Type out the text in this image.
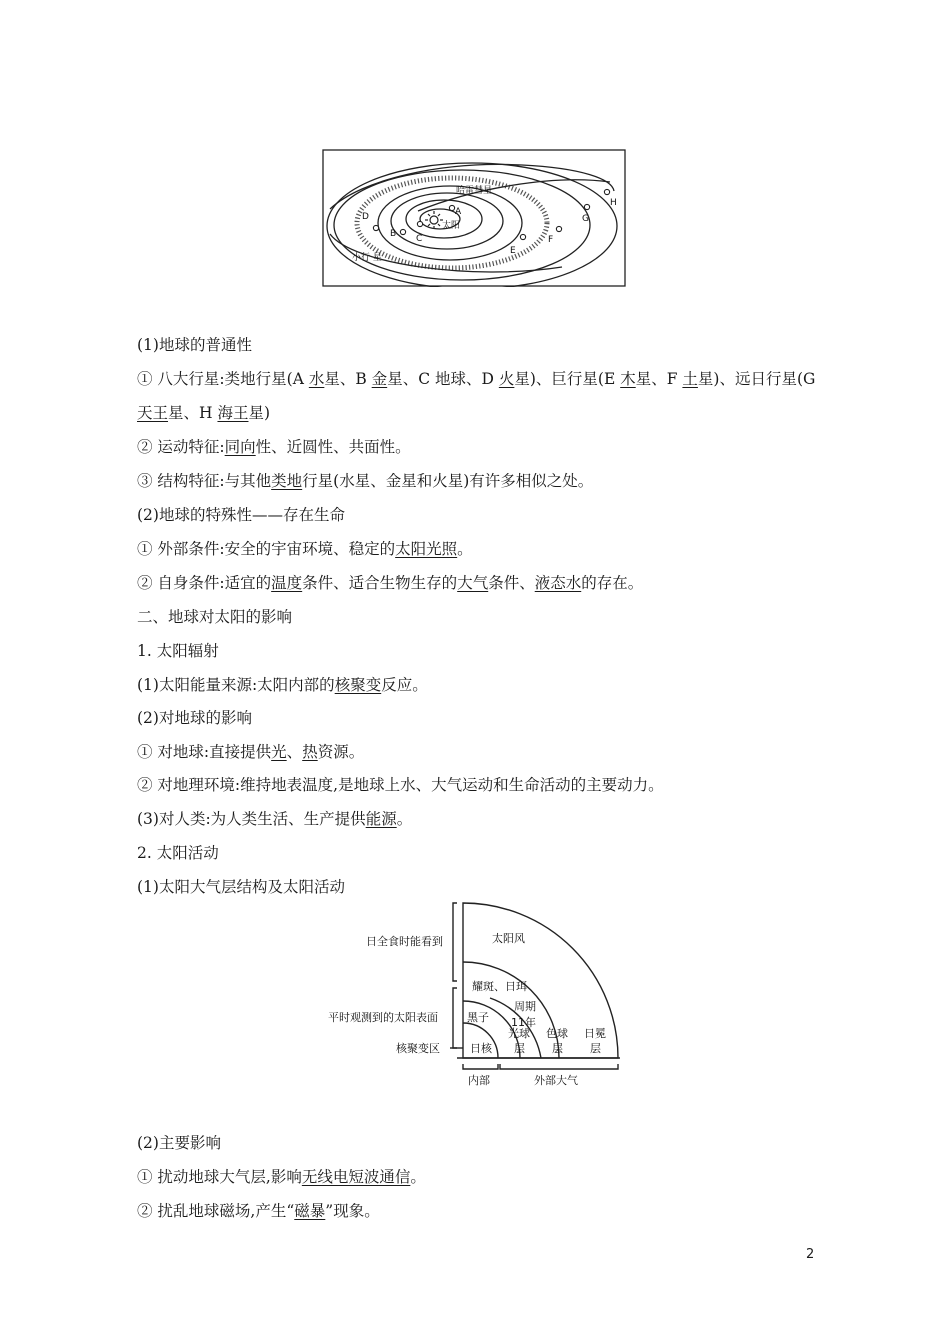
A
B C
D
E
F
G
H
太阳
哈雷彗星
小行 星
(1)地球的普通性
① 八大行星:类地行星(A 水星、B 金星、C 地球、D 火星)、巨行星(E 木星、F 土星)、远日行星(G
天王星、H 海王星)
② 运动特征:同向性、近圆性、共面性。
③ 结构特征:与其他类地行星(水星、金星和火星)有许多相似之处。
(2)地球的特殊性——存在生命
① 外部条件:安全的宇宙环境、稳定的太阳光照。
② 自身条件:适宜的温度条件、适合生物生存的大气条件、液态水的存在。
二、地球对太阳的影响
1. 太阳辐射
(1)太阳能量来源:太阳内部的核聚变反应。
(2)对地球的影响
① 对地球:直接提供光、热资源。
② 对地理环境:维持地表温度,是地球上水、大气运动和生命活动的主要动力。
(3)对人类:为人类生活、生产提供能源。
2. 太阳活动
(1)太阳大气层结构及太阳活动
(2)主要影响
① 扰动地球大气层,影响无线电短波通信。
② 扰乱地球磁场,产生“磁暴”现象。
日全食时能看到
平时观测到的太阳表面
核聚变区
太阳风
耀斑、日珥
黑子
周期
11年
日核
光球
层
色球
层
日冕
层
内部	外部大气
2
